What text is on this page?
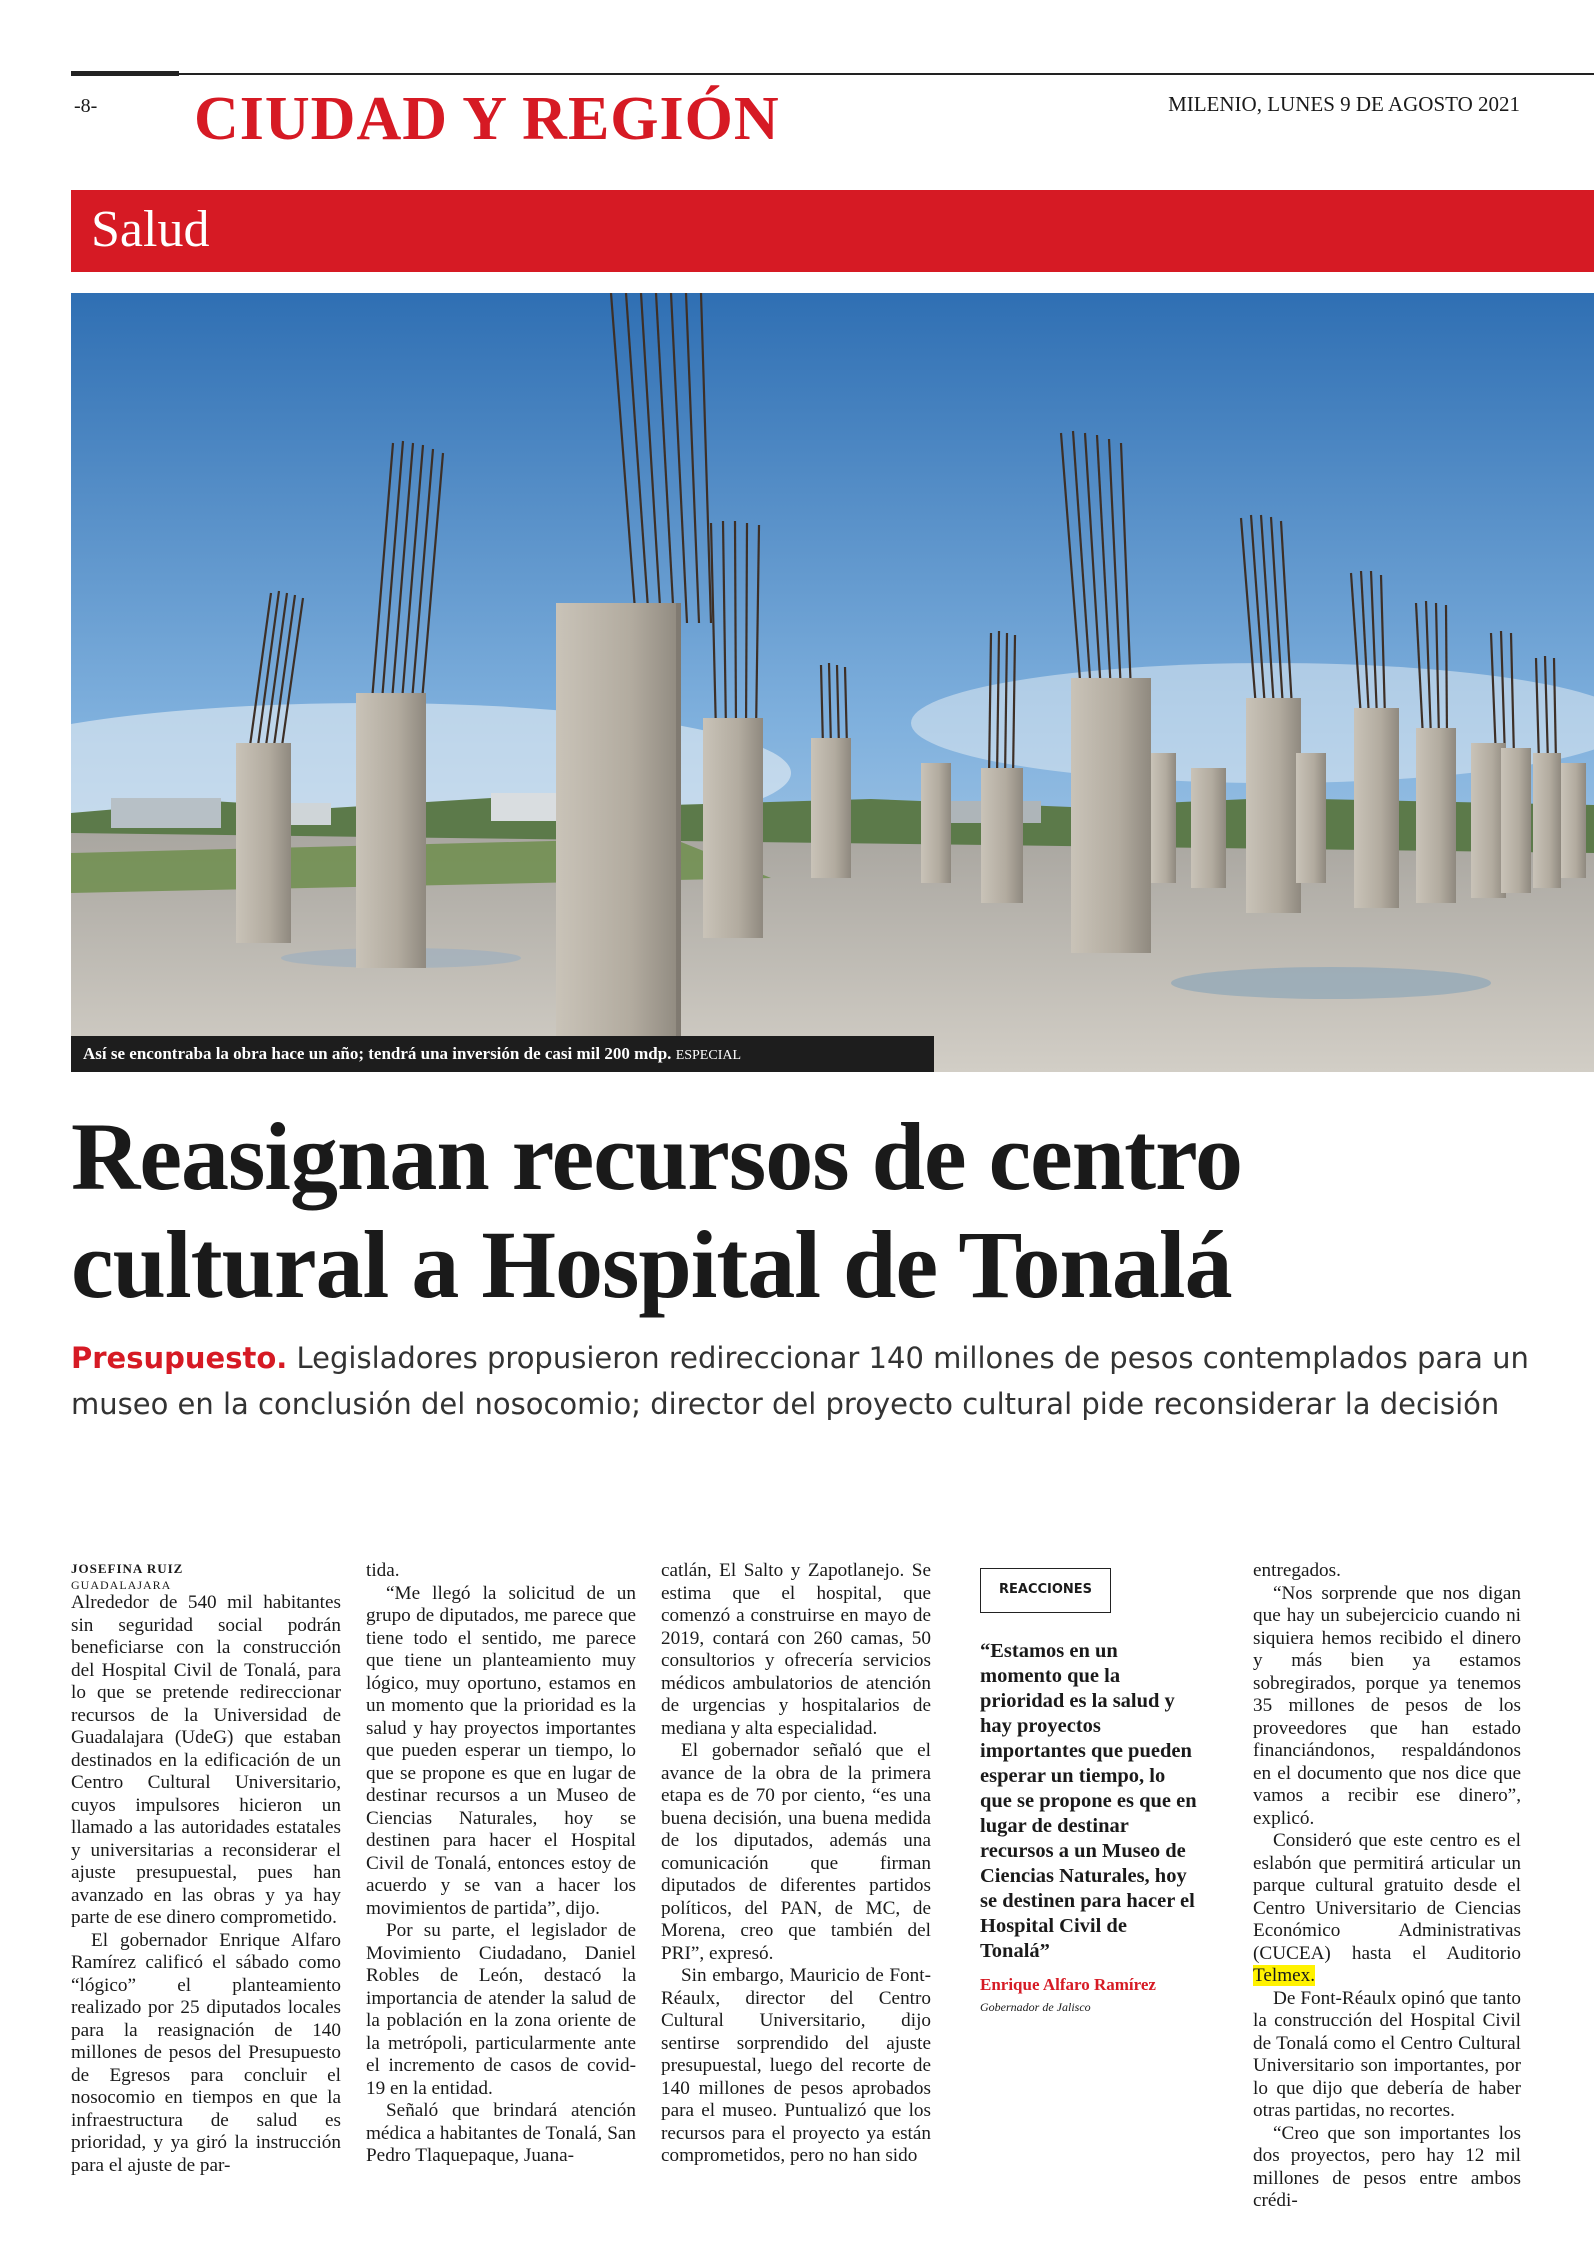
-8- CIUDAD Y REGIÓN	MILENIO, LUNES 9 DE AGOSTO 2021
Salud
Así se encontraba la obra hace un año; tendrá una inversión de casi mil 200 mdp. ESPECIAL
Reasignan recursos de centro cultural a Hospital de Tonalá
Presupuesto. Legisladores propusieron redireccionar 140 millones de pesos contemplados para un museo en la conclusión del nosocomio; director del proyecto cultural pide reconsiderar la decisión

JOSEFINA RUIZ

GUADALAJARA

Alrededor de 540 mil habitantes sin seguridad social podrán beneficiarse con la construcción del Hospital Civil de Tonalá, para lo que se pretende redireccionar recursos de la Universidad de Guadalajara (UdeG) que estaban destinados en la edificación de un Centro Cultural Universitario, cuyos impulsores hicieron un llamado a las autoridades estatales y universitarias a reconsiderar el ajuste presupuestal, pues han avanzado en las obras y ya hay parte de ese dinero comprometido.

El gobernador Enrique Alfaro Ramírez calificó el sábado como “lógico” el planteamiento realizado por 25 diputados locales para la reasignación de 140 millones de pesos del Presupuesto de Egresos para concluir el nosocomio en tiempos en que la infraestructura de salud es prioridad, y ya giró la instrucción para el ajuste de par-

tida.

“Me llegó la solicitud de un grupo de diputados, me parece que tiene todo el sentido, me parece que tiene un planteamiento muy lógico, muy oportuno, estamos en un momento que la prioridad es la salud y hay proyectos importantes que pueden esperar un tiempo, lo que se propone es que en lugar de destinar recursos a un Museo de Ciencias Naturales, hoy se destinen para hacer el Hospital Civil de Tonalá, entonces estoy de acuerdo y se van a hacer los movimientos de partida”, dijo.

Por su parte, el legislador de Movimiento Ciudadano, Daniel Robles de León, destacó la importancia de atender la salud de la población en la zona oriente de la metrópoli, particularmente ante el incremento de casos de covid-19 en la entidad.

Señaló que brindará atención médica a habitantes de Tonalá, San Pedro Tlaquepaque, Juana-

catlán, El Salto y Zapotlanejo. Se estima que el hospital, que comenzó a construirse en mayo de 2019, contará con 260 camas, 50 consultorios y ofrecería servicios médicos ambulatorios de atención de urgencias y hospitalarios de mediana y alta especialidad.

El gobernador señaló que el avance de la obra de la primera etapa es de 70 por ciento, “es una buena decisión, una buena medida de los diputados, además una comunicación que firman diputados de diferentes partidos políticos, del PAN, de MC, de Morena, creo que también del PRI”, expresó.

Sin embargo, Mauricio de Font-Réaulx, director del Centro Cultural Universitario, dijo sentirse sorprendido del ajuste presupuestal, luego del recorte de 140 millones de pesos aprobados para el museo. Puntualizó que los recursos para el proyecto ya están comprometidos, pero no han sido

REACCIONES
“Estamos en un momento que la prioridad es la salud y hay proyectos importantes que pueden esperar un tiempo, lo que se propone es que en lugar de destinar recursos a un Museo de Ciencias Naturales, hoy se destinen para hacer el Hospital Civil de Tonalá”
Enrique Alfaro Ramírez
Gobernador de Jalisco

entregados.

“Nos sorprende que nos digan que hay un subejercicio cuando ni siquiera hemos recibido el dinero y más bien ya estamos sobregirados, porque ya tenemos 35 millones de pesos de los proveedores que han estado financiándonos, respaldándonos en el documento que nos dice que vamos a recibir ese dinero”, explicó.

Consideró que este centro es el eslabón que permitirá articular un parque cultural gratuito desde el Centro Universitario de Ciencias Económico Administrativas (CUCEA) hasta el Auditorio Telmex.

De Font-Réaulx opinó que tanto la construcción del Hospital Civil de Tonalá como el Centro Cultural Universitario son importantes, por lo que dijo que debería de haber otras partidas, no recortes.

“Creo que son importantes los dos proyectos, pero hay 12 mil millones de pesos entre ambos crédi-
